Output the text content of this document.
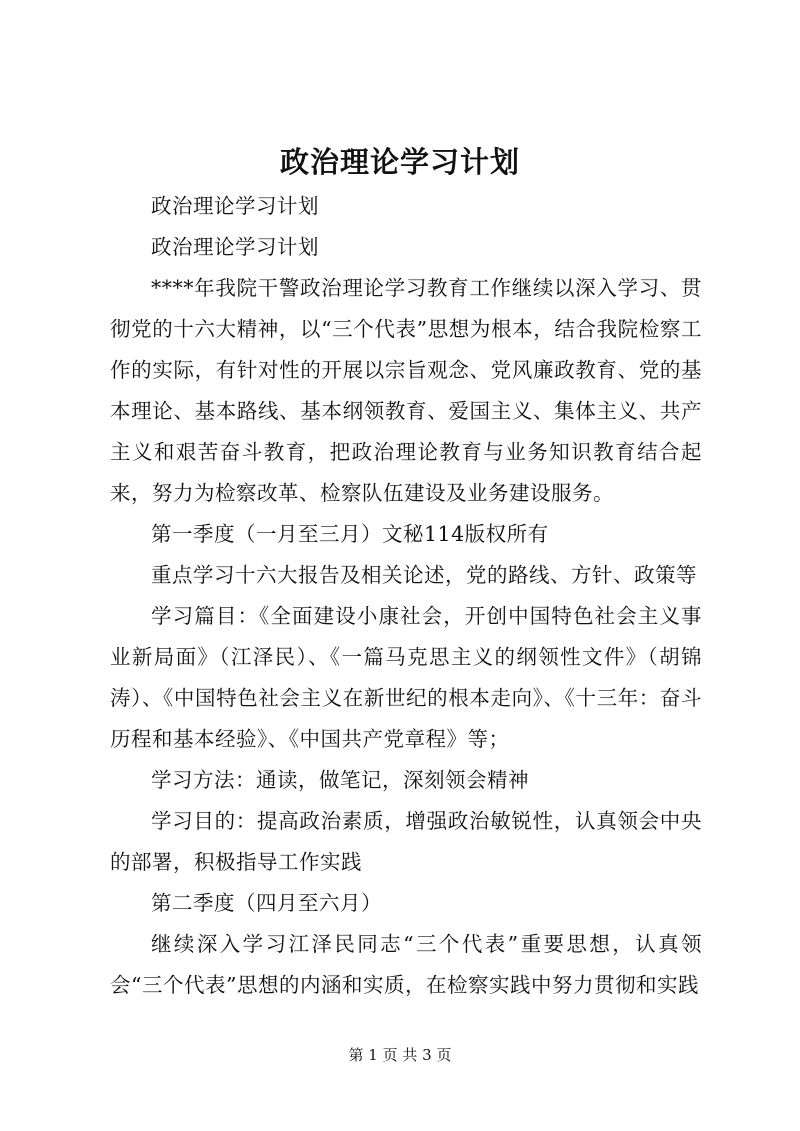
政治理论学习计划

政治理论学习计划

政治理论学习计划

****年我院干警政治理论学习教育工作继续以深入学习、贯彻党的十六大精神，以“三个代表”思想为根本，结合我院检察工作的实际，有针对性的开展以宗旨观念、党风廉政教育、党的基本理论、基本路线、基本纲领教育、爱国主义、集体主义、共产主义和艰苦奋斗教育，把政治理论教育与业务知识教育结合起来，努力为检察改革、检察队伍建设及业务建设服务。

第一季度（一月至三月）文秘114版权所有

重点学习十六大报告及相关论述，党的路线、方针、政策等

学习篇目：《全面建设小康社会，开创中国特色社会主义事业新局面》（江泽民）、《一篇马克思主义的纲领性文件》（胡锦涛）、《中国特色社会主义在新世纪的根本走向》、《十三年：奋斗历程和基本经验》、《中国共产党章程》等；

学习方法：通读，做笔记，深刻领会精神

学习目的：提高政治素质，增强政治敏锐性，认真领会中央的部署，积极指导工作实践

第二季度（四月至六月）

继续深入学习江泽民同志“三个代表”重要思想，认真领会“三个代表”思想的内涵和实质，在检察实践中努力贯彻和实践

第 1 页 共 3 页
